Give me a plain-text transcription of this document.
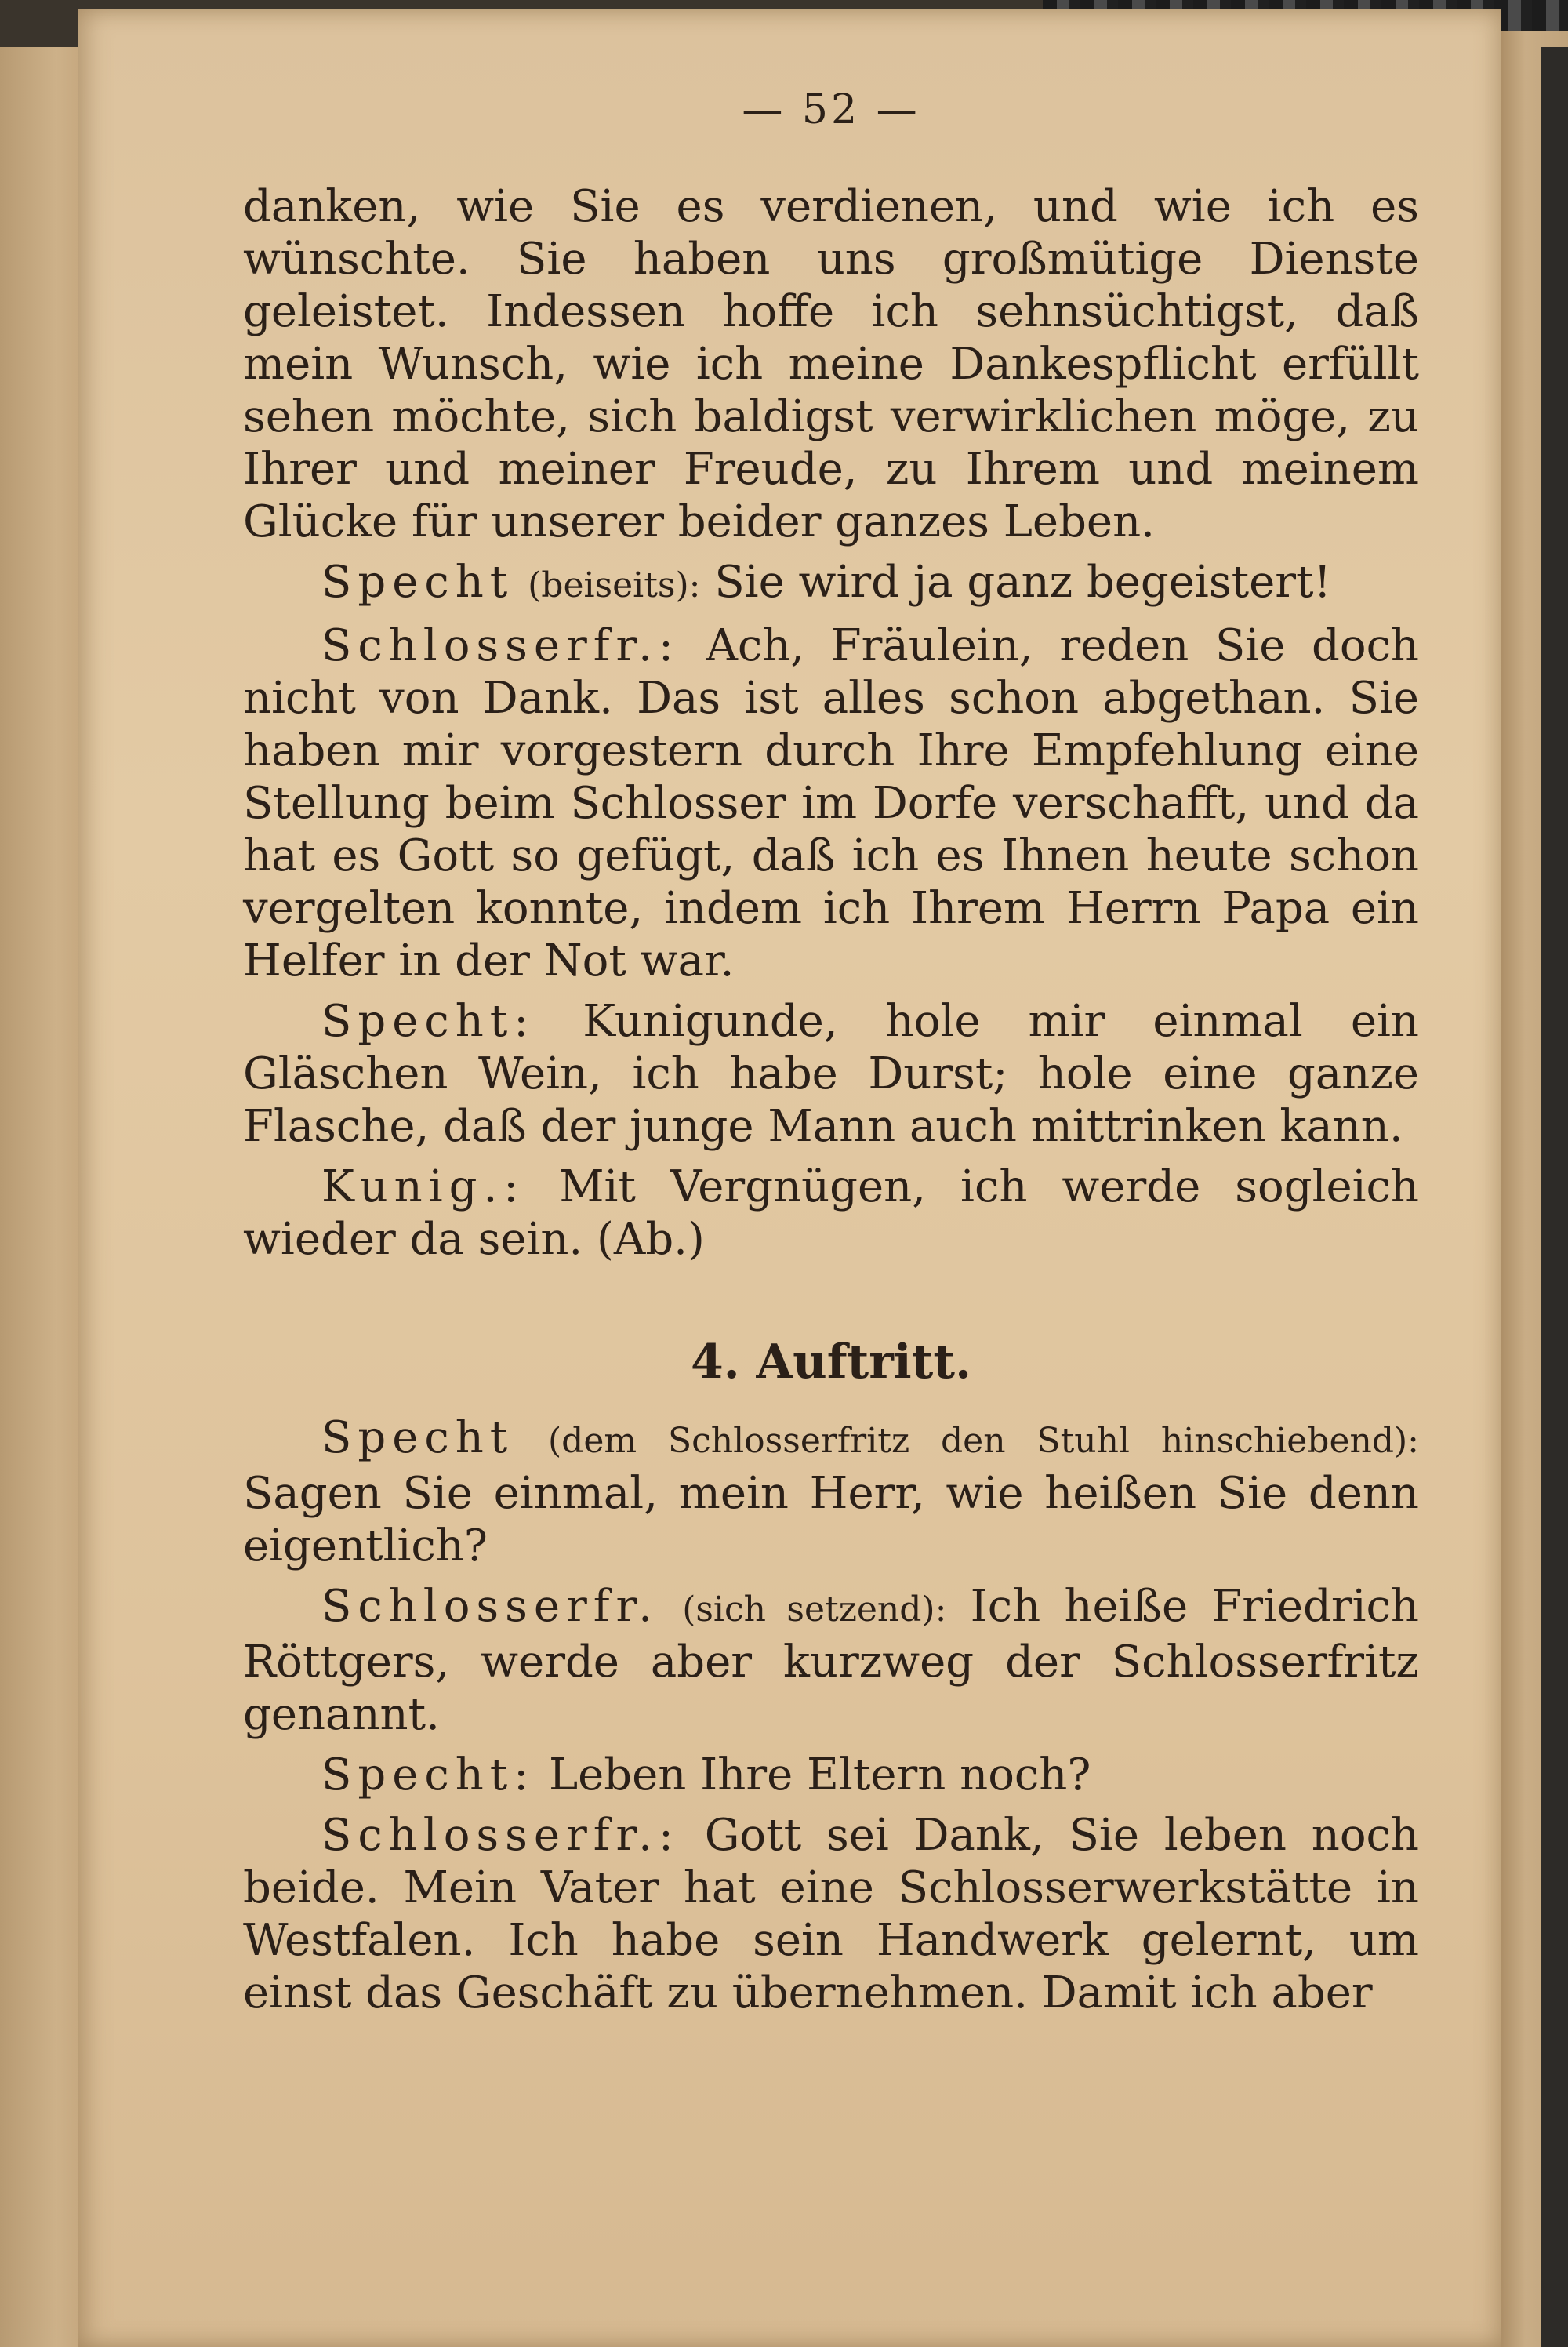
— 52 —

danken, wie Sie es verdienen, und wie ich es wünschte. Sie haben uns großmütige Dienste geleistet. Indessen hoffe ich sehnsüchtigst, daß mein Wunsch, wie ich meine Dankespflicht erfüllt sehen möchte, sich baldigst verwirklichen möge, zu Ihrer und meiner Freude, zu Ihrem und meinem Glücke für unserer beider ganzes Leben.

Specht (beiseits): Sie wird ja ganz begeistert!

Schlosserfr.: Ach, Fräulein, reden Sie doch nicht von Dank. Das ist alles schon abgethan. Sie haben mir vorgestern durch Ihre Empfehlung eine Stellung beim Schlosser im Dorfe verschafft, und da hat es Gott so gefügt, daß ich es Ihnen heute schon vergelten konnte, indem ich Ihrem Herrn Papa ein Helfer in der Not war.

Specht: Kunigunde, hole mir einmal ein Gläschen Wein, ich habe Durst; hole eine ganze Flasche, daß der junge Mann auch mittrinken kann.

Kunig.: Mit Vergnügen, ich werde sogleich wieder da sein. (Ab.)

4. Auftritt.

Specht (dem Schlosserfritz den Stuhl hinschiebend): Sagen Sie einmal, mein Herr, wie heißen Sie denn eigentlich?

Schlosserfr. (sich setzend): Ich heiße Friedrich Röttgers, werde aber kurzweg der Schlosserfritz genannt.

Specht: Leben Ihre Eltern noch?

Schlosserfr.: Gott sei Dank, Sie leben noch beide. Mein Vater hat eine Schlosserwerkstätte in Westfalen. Ich habe sein Handwerk gelernt, um einst das Geschäft zu übernehmen. Damit ich aber
